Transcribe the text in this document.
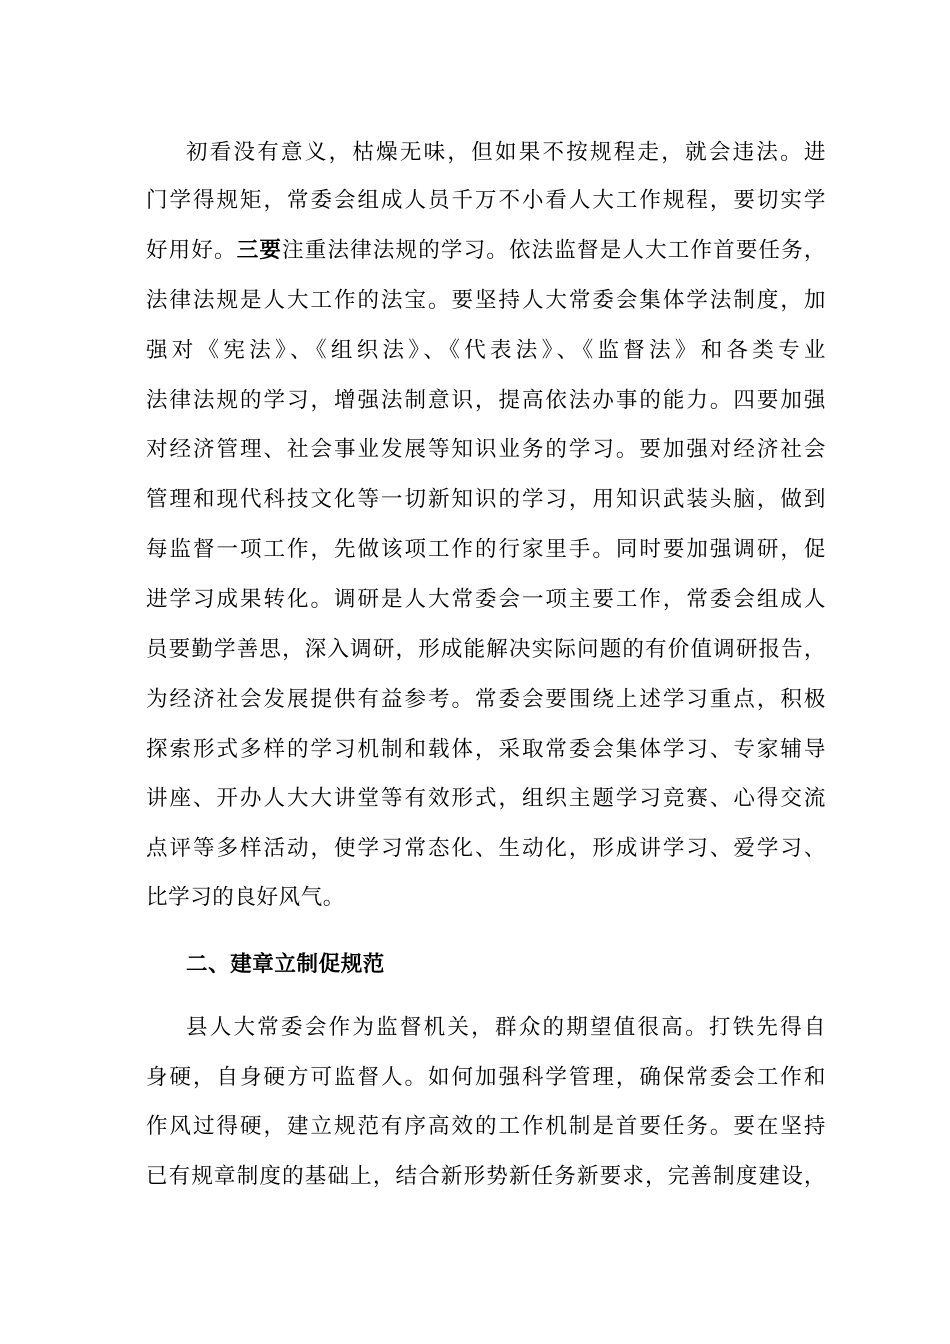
初看没有意义，枯燥无味，但如果不按规程走，就会违法。进
门学得规矩，常委会组成人员千万不小看人大工作规程，要切实学
好用好。三要注重法律法规的学习。依法监督是人大工作首要任务，
法律法规是人大工作的法宝。要坚持人大常委会集体学法制度，加
强对《宪法》、《组织法》、《代表法》、《监督法》和各类专业
法律法规的学习，增强法制意识，提高依法办事的能力。四要加强
对经济管理、社会事业发展等知识业务的学习。要加强对经济社会
管理和现代科技文化等一切新知识的学习，用知识武装头脑，做到
每监督一项工作，先做该项工作的行家里手。同时要加强调研，促
进学习成果转化。调研是人大常委会一项主要工作，常委会组成人
员要勤学善思，深入调研，形成能解决实际问题的有价值调研报告，
为经济社会发展提供有益参考。常委会要围绕上述学习重点，积极
探索形式多样的学习机制和载体，采取常委会集体学习、专家辅导
讲座、开办人大大讲堂等有效形式，组织主题学习竞赛、心得交流
点评等多样活动，使学习常态化、生动化，形成讲学习、爱学习、
比学习的良好风气。
二、建章立制促规范
县人大常委会作为监督机关，群众的期望值很高。打铁先得自
身硬，自身硬方可监督人。如何加强科学管理，确保常委会工作和
作风过得硬，建立规范有序高效的工作机制是首要任务。要在坚持
已有规章制度的基础上，结合新形势新任务新要求，完善制度建设，
